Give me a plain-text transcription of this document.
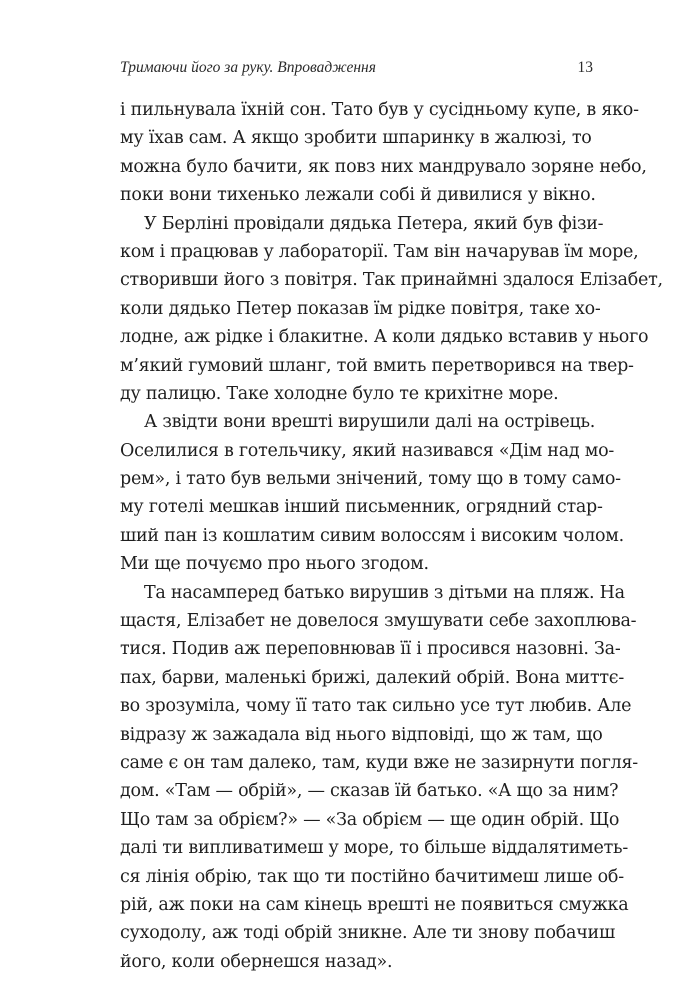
Тримаючи його за руку. Впровадження	13
і пильнувала їхній сон. Тато був у сусідньому купе, в яко-
му їхав сам. А якщо зробити шпаринку в жалюзі, то
можна було бачити, як повз них мандрувало зоряне небо,
поки вони тихенько лежали собі й дивилися у вікно.
У Берліні провідали дядька Петера, який був фізи-
ком і працював у лабораторії. Там він начарував їм море,
створивши його з повітря. Так принаймні здалося Елізабет,
коли дядько Петер показав їм рідке повітря, таке хо-
лодне, аж рідке і блакитне. А коли дядько вставив у нього
м’який гумовий шланг, той вмить перетворився на твер-
ду палицю. Таке холодне було те крихітне море.
А звідти вони врешті вирушили далі на острівець.
Оселилися в готельчику, який називався «Дім над мо-
рем», і тато був вельми знічений, тому що в тому само-
му готелі мешкав інший письменник, огрядний стар-
ший пан із кошлатим сивим волоссям і високим чолом.
Ми ще почуємо про нього згодом.
Та насамперед батько вирушив з дітьми на пляж. На
щастя, Елізабет не довелося змушувати себе захоплюва-
тися. Подив аж переповнював її і просився назовні. За-
пах, барви, маленькі брижі, далекий обрій. Вона миттє-
во зрозуміла, чому її тато так сильно усе тут любив. Але
відразу ж зажадала від нього відповіді, що ж там, що
саме є он там далеко, там, куди вже не зазирнути погля-
дом. «Там — обрій», — сказав їй батько. «А що за ним?
Що там за обрієм?» — «За обрієм — ще один обрій. Що
далі ти випливатимеш у море, то більше віддалятиметь-
ся лінія обрію, так що ти постійно бачитимеш лише об-
рій, аж поки на сам кінець врешті не появиться смужка
суходолу, аж тоді обрій зникне. Але ти знову побачиш
його, коли обернешся назад».
